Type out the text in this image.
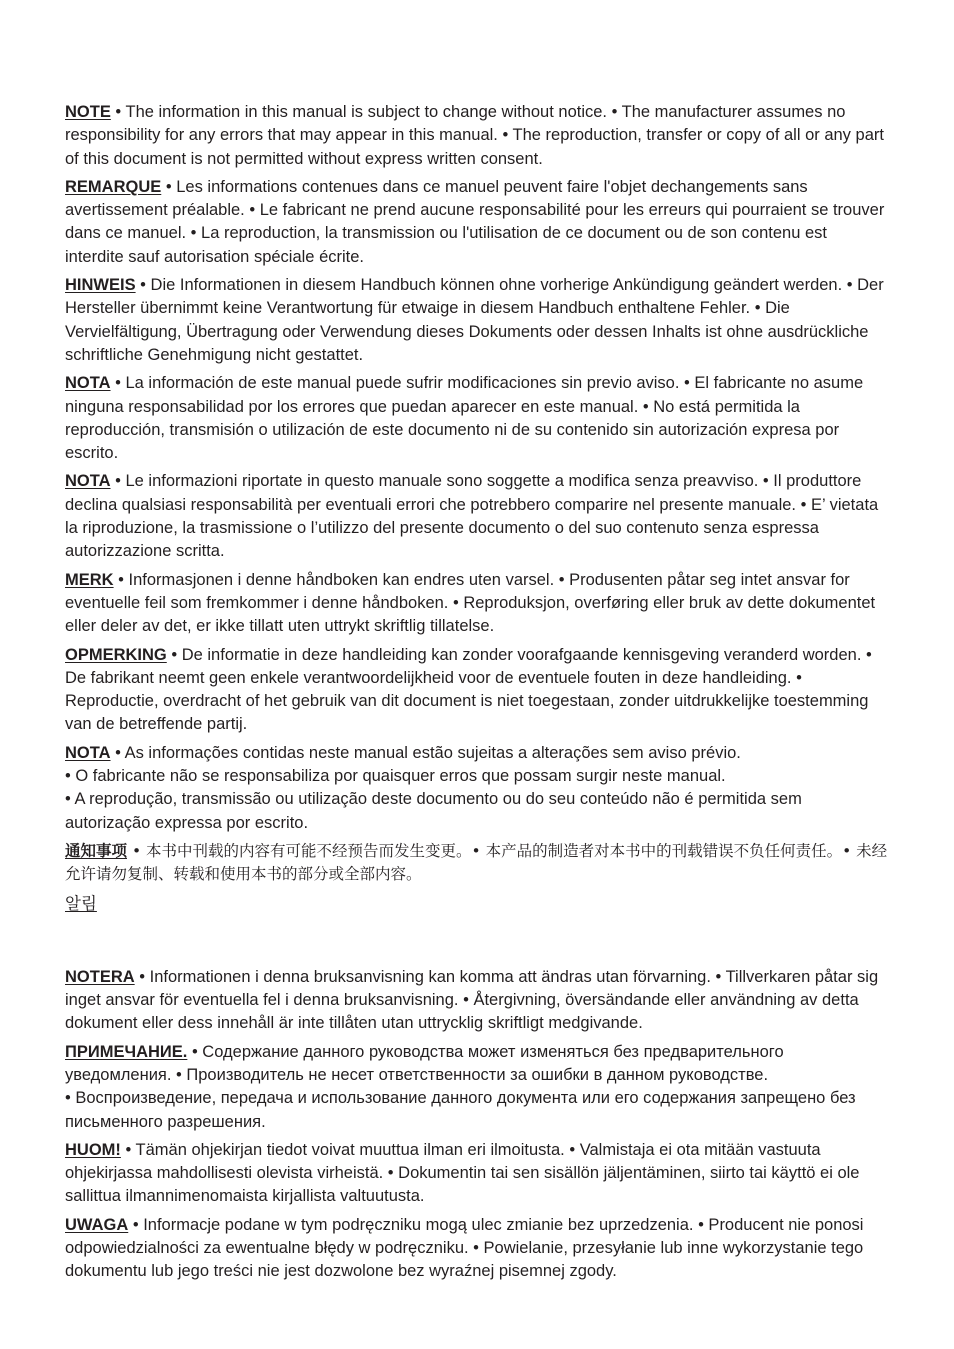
NOTE • The information in this manual is subject to change without notice. • The manufacturer assumes no responsibility for any errors that may appear in this manual. • The reproduction, transfer or copy of all or any part of this document is not permitted without express written consent.

REMARQUE • Les informations contenues dans ce manuel peuvent faire l'objet dechangements sans avertissement préalable. • Le fabricant ne prend aucune responsabilité pour les erreurs qui pourraient se trouver dans ce manuel. • La reproduction, la transmission ou l'utilisation de ce document ou de son contenu est interdite sauf autorisation spéciale écrite.

HINWEIS • Die Informationen in diesem Handbuch können ohne vorherige Ankündigung geändert werden. • Der Hersteller übernimmt keine Verantwortung für etwaige in diesem Handbuch enthaltene Fehler. • Die Vervielfältigung, Übertragung oder Verwendung dieses Dokuments oder dessen Inhalts ist ohne ausdrückliche schriftliche Genehmigung nicht gestattet.

NOTA • La información de este manual puede sufrir modificaciones sin previo aviso. • El fabricante no asume ninguna responsabilidad por los errores que puedan aparecer en este manual. • No está permitida la reproducción, transmisión o utilización de este documento ni de su contenido sin autorización expresa por escrito.

NOTA • Le informazioni riportate in questo manuale sono soggette a modifica senza preavviso. • Il produttore declina qualsiasi responsabilità per eventuali errori che potrebbero comparire nel presente manuale. • E’ vietata la riproduzione, la trasmissione o l’utilizzo del presente documento o del suo contenuto senza espressa autorizzazione scritta.

MERK • Informasjonen i denne håndboken kan endres uten varsel. • Produsenten påtar seg intet ansvar for eventuelle feil som fremkommer i denne håndboken. • Reproduksjon, overføring eller bruk av dette dokumentet eller deler av det, er ikke tillatt uten uttrykt skriftlig tillatelse.

OPMERKING • De informatie in deze handleiding kan zonder voorafgaande kennisgeving veranderd worden. • De fabrikant neemt geen enkele verantwoordelijkheid voor de eventuele fouten in deze handleiding. • Reproductie, overdracht of het gebruik van dit document is niet toegestaan, zonder uitdrukkelijke toestemming van de betreffende partij.

NOTA • As informações contidas neste manual estão sujeitas a alterações sem aviso prévio.
• O fabricante não se responsabiliza por quaisquer erros que possam surgir neste manual.
• A reprodução, transmissão ou utilização deste documento ou do seu conteúdo não é permitida sem autorização expressa por escrito.

通知事项 • 本书中刊载的内容有可能不经预告而发生变更。• 本产品的制造者对本书中的刊载错误不负任何责任。• 未经允许请勿复制、转载和使用本书的部分或全部内容。

알림

NOTERA • Informationen i denna bruksanvisning kan komma att ändras utan förvarning. • Tillverkaren påtar sig inget ansvar för eventuella fel i denna bruksanvisning. • Återgivning, översändande eller användning av detta dokument eller dess innehåll är inte tillåten utan uttrycklig skriftligt medgivande.

ПРИМЕЧАНИЕ. • Содержание данного руководства может изменяться без предварительного уведомления. • Производитель не несет ответственности за ошибки в данном руководстве.
• Воспроизведение, передача и использование данного документа или его содержания запрещено без письменного разрешения.

HUOM! • Tämän ohjekirjan tiedot voivat muuttua ilman eri ilmoitusta. • Valmistaja ei ota mitään vastuuta ohjekirjassa mahdollisesti olevista virheistä. • Dokumentin tai sen sisällön jäljentäminen, siirto tai käyttö ei ole sallittua ilmannimenomaista kirjallista valtuutusta.

UWAGA • Informacje podane w tym podręczniku mogą ulec zmianie bez uprzedzenia. • Producent nie ponosi odpowiedzialności za ewentualne błędy w podręczniku. • Powielanie, przesyłanie lub inne wykorzystanie tego dokumentu lub jego treści nie jest dozwolone bez wyraźnej pisemnej zgody.
